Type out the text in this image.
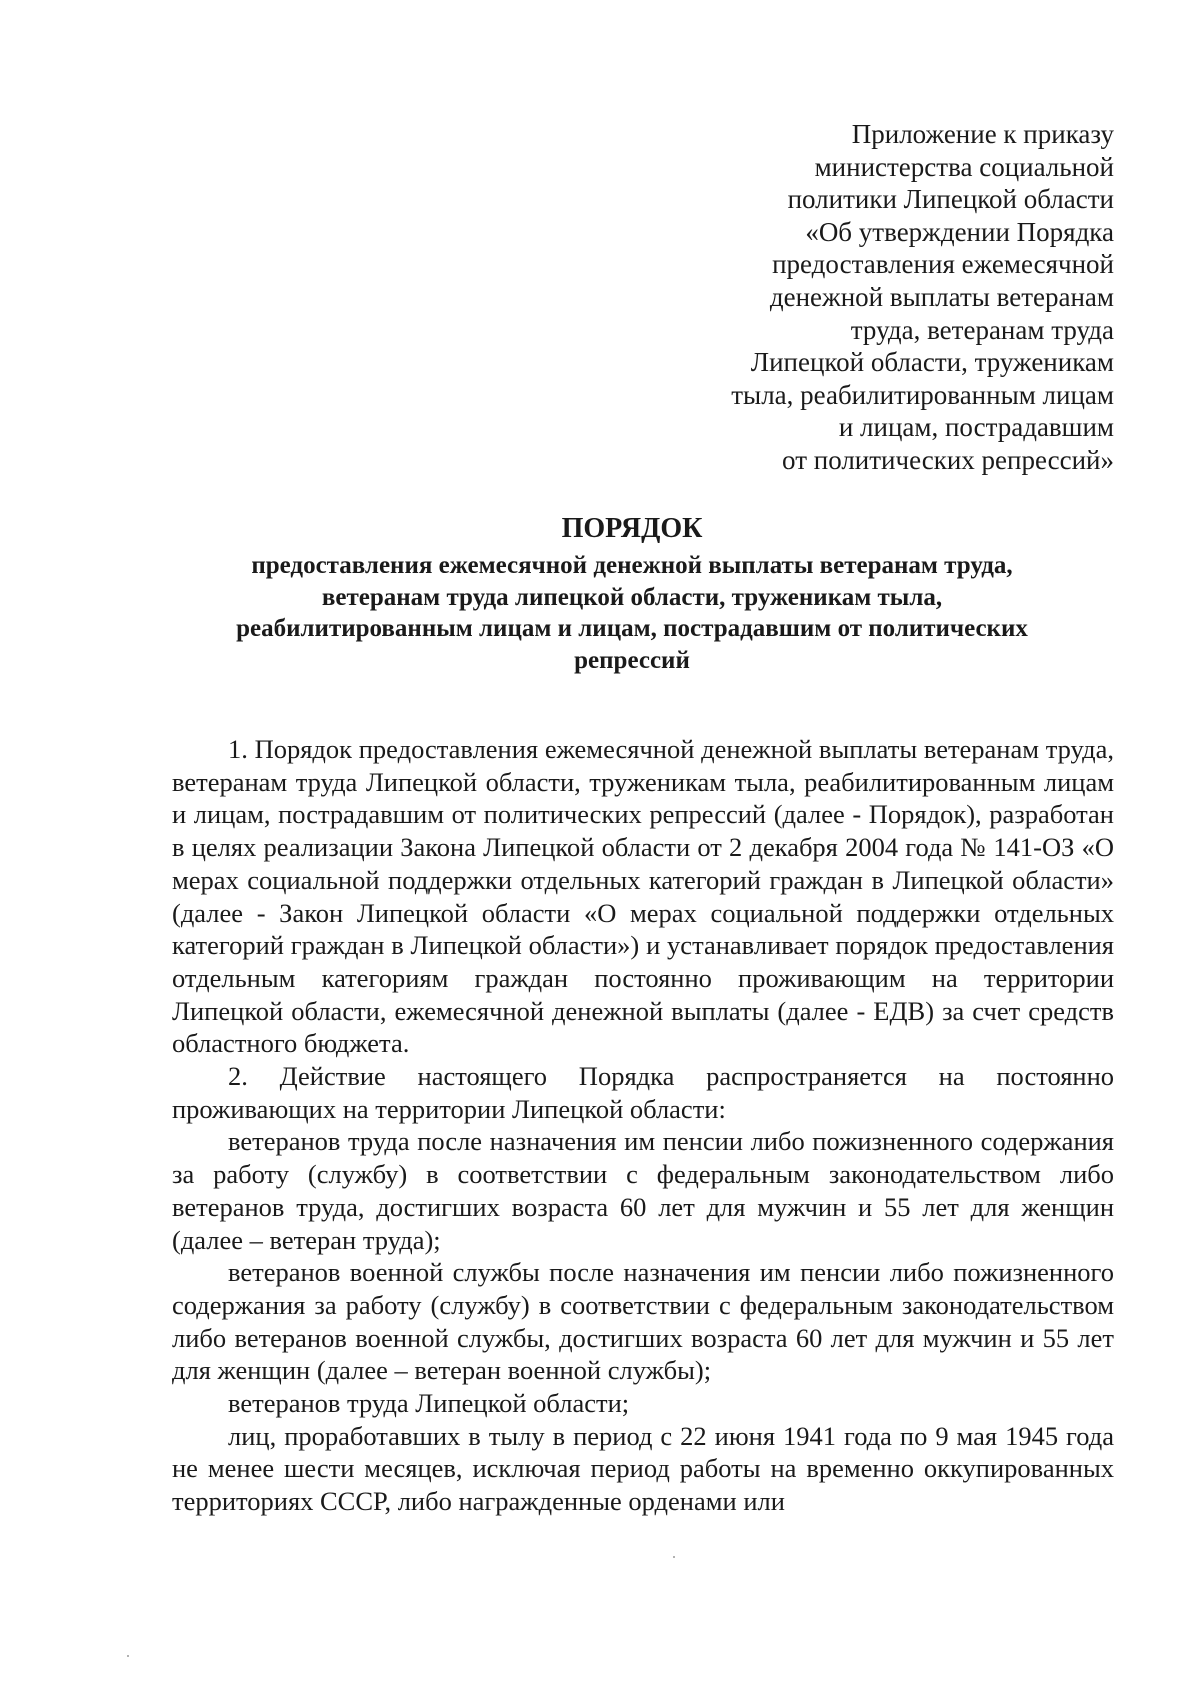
Приложение к приказу
министерства социальной
политики Липецкой области
«Об утверждении Порядка
предоставления ежемесячной
денежной выплаты ветеранам
труда, ветеранам труда
Липецкой области, труженикам
тыла, реабилитированным лицам
и лицам, пострадавшим
от политических репрессий»
ПОРЯДОК
предоставления ежемесячной денежной выплаты ветеранам труда,
ветеранам труда липецкой области, труженикам тыла,
реабилитированным лицам и лицам, пострадавшим от политических
репрессий

1. Порядок предоставления ежемесячной денежной выплаты ветеранам труда, ветеранам труда Липецкой области, труженикам тыла, реабилитированным лицам и лицам, пострадавшим от политических репрессий (далее - Порядок), разработан в целях реализации Закона Липецкой области от 2 декабря 2004 года № 141-ОЗ «О мерах социальной поддержки отдельных категорий граждан в Липецкой области» (далее - Закон Липецкой области «О мерах социальной поддержки отдельных категорий граждан в Липецкой области») и устанавливает порядок предоставления отдельным категориям граждан постоянно проживающим на территории Липецкой области, ежемесячной денежной выплаты (далее - ЕДВ) за счет средств областного бюджета.

2. Действие настоящего Порядка распространяется на постоянно проживающих на территории Липецкой области:

ветеранов труда после назначения им пенсии либо пожизненного содержания за работу (службу) в соответствии с федеральным законодательством либо ветеранов труда, достигших возраста 60 лет для мужчин и 55 лет для женщин (далее – ветеран труда);

ветеранов военной службы после назначения им пенсии либо пожизненного содержания за работу (службу) в соответствии с федеральным законодательством либо ветеранов военной службы, достигших возраста 60 лет для мужчин и 55 лет для женщин (далее – ветеран военной службы);

ветеранов труда Липецкой области;

лиц, проработавших в тылу в период с 22 июня 1941 года по 9 мая 1945 года не менее шести месяцев, исключая период работы на временно оккупированных территориях СССР, либо награжденные орденами или
